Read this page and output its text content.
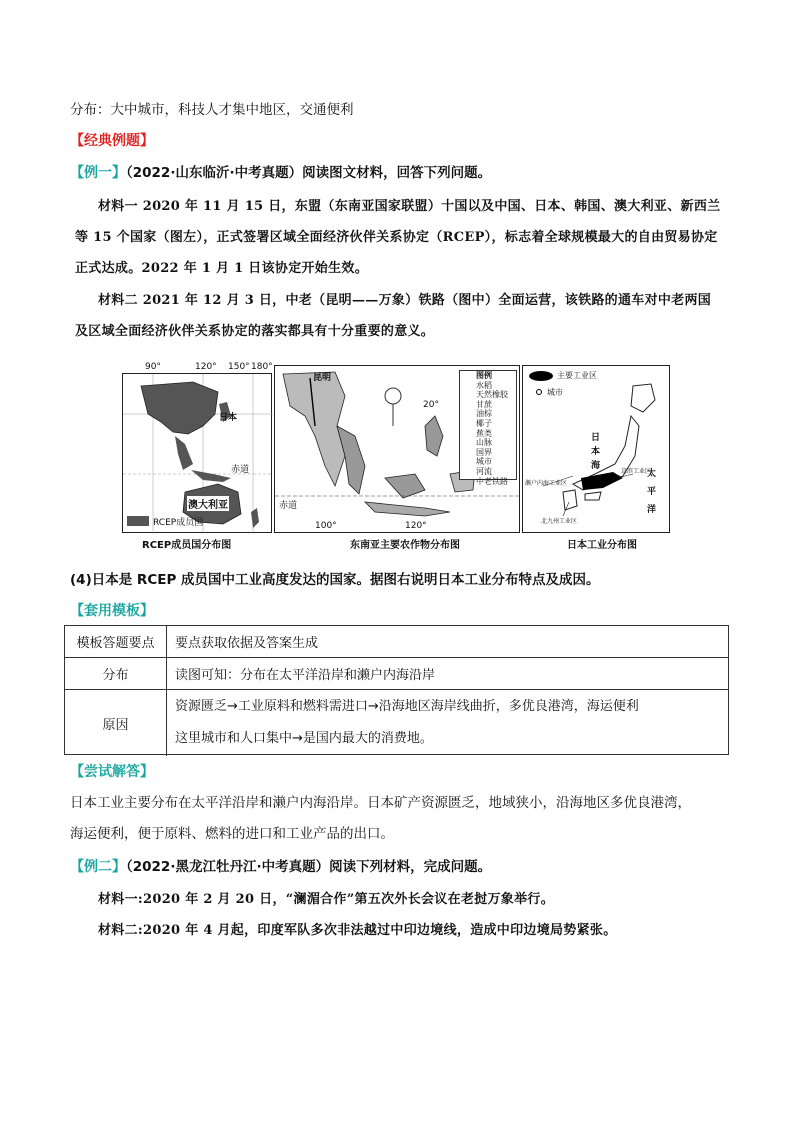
分布：大中城市，科技人才集中地区，交通便利
【经典例题】
【例一】（2022·山东临沂·中考真题）阅读图文材料，回答下列问题。
材料一 2020 年 11 月 15 日，东盟（东南亚国家联盟）十国以及中国、日本、韩国、澳大利亚、新西兰
等 15 个国家（图左），正式签署区域全面经济伙伴关系协定（RCEP），标志着全球规模最大的自由贸易协定
正式达成。2022 年 1 月 1 日该协定开始生效。
材料二 2021 年 12 月 3 日，中老（昆明——万象）铁路（图中）全面运营，该铁路的通车对中老两国
及区域全面经济伙伴关系协定的落实都具有十分重要的意义。
90°	120° 150° 180°
日本
赤道
澳大利亚
RCEP成员国
RCEP成员国分布图
昆明
20°
赤道
100°	120°
图例
水稻
天然橡胶
甘蔗
油棕
椰子
蕉类
山脉
国界
城市
河流
中老铁路
东南亚主要农作物分布图
主要工业区
城市
日
本
海
太
平
洋
濑户内海工业区
京滨工业区
北九州工业区
日本工业分布图
(4)日本是 RCEP 成员国中工业高度发达的国家。据图右说明日本工业分布特点及成因。
【套用模板】
模板答题要点	要点获取依据及答案生成
分布	读图可知：分布在太平洋沿岸和濑户内海沿岸
原因
资源匮乏→工业原料和燃料需进口→沿海地区海岸线曲折，多优良港湾，海运便利
这里城市和人口集中→是国内最大的消费地。
【尝试解答】
日本工业主要分布在太平洋沿岸和濑户内海沿岸。日本矿产资源匮乏，地域狭小，沿海地区多优良港湾，
海运便利，便于原料、燃料的进口和工业产品的出口。
【例二】（2022·黑龙江牡丹江·中考真题）阅读下列材料，完成问题。
材料一:2020 年 2 月 20 日，“澜湄合作”第五次外长会议在老挝万象举行。
材料二:2020 年 4 月起，印度军队多次非法越过中印边境线，造成中印边境局势紧张。
